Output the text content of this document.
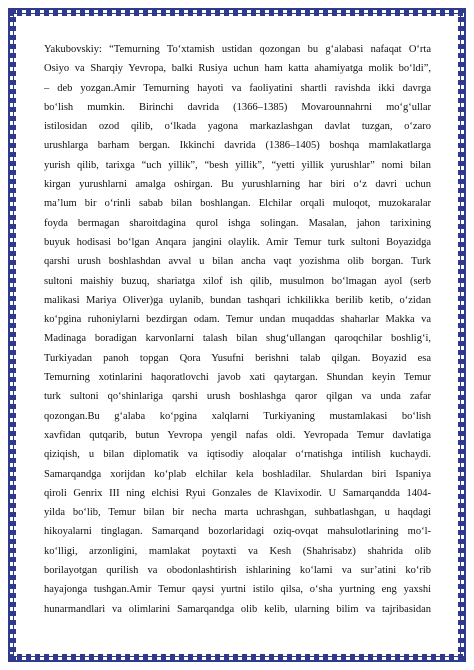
Yakubovskiy: “Temurning To‘xtamish ustidan qozongan bu g‘alabasi nafaqat O‘rta
Osiyo va Sharqiy Yevropa, balki Rusiya uchun ham katta ahamiyatga molik bo‘ldi”,
– deb yozgan.Amir Temurning hayoti va faoliyatini shartli ravishda ikki davrga
bo‘lish mumkin. Birinchi davrida (1366–1385) Movarounnahrni mo‘g‘ullar
istilosidan ozod qilib, o‘lkada yagona markazlashgan davlat tuzgan, o‘zaro
urushlarga barham bergan. Ikkinchi davrida (1386–1405) boshqa mamlakatlarga
yurish qilib, tarixga “uch yillik”, “besh yillik”, “yetti yillik yurushlar” nomi bilan
kirgan yurushlarni amalga oshirgan. Bu yurushlarning har biri o‘z davri uchun
ma’lum bir o‘rinli sabab bilan boshlangan. Elchilar orqali muloqot, muzokaralar
foyda bermagan sharoitdagina qurol ishga solingan. Masalan, jahon tarixining
buyuk hodisasi bo‘lgan Anqara jangini olaylik. Amir Temur turk sultoni Boyazidga
qarshi urush boshlashdan avval u bilan ancha vaqt yozishma olib borgan. Turk
sultoni maishiy buzuq, shariatga xilof ish qilib, musulmon bo‘lmagan ayol (serb
malikasi Mariya Oliver)ga uylanib, bundan tashqari ichkilikka berilib ketib, o‘zidan
ko‘pgina ruhoniylarni bezdirgan odam. Temur undan muqaddas shaharlar Makka va
Madinaga boradigan karvonlarni talash bilan shug‘ullangan qaroqchilar boshlig‘i,
Turkiyadan panoh topgan Qora Yusufni berishni talab qilgan. Boyazid esa
Temurning xotinlarini haqoratlovchi javob xati qaytargan. Shundan keyin Temur
turk sultoni qo‘shinlariga qarshi urush boshlashga qaror qilgan va unda zafar
qozongan.Bu g‘alaba ko‘pgina xalqlarni Turkiyaning mustamlakasi bo‘lish
xavfidan qutqarib, butun Yevropa yengil nafas oldi. Yevropada Temur davlatiga
qiziqish, u bilan diplomatik va iqtisodiy aloqalar o‘rnatishga intilish kuchaydi.
Samarqandga xorijdan ko‘plab elchilar kela boshladilar. Shulardan biri Ispaniya
qiroli Genrix III ning elchisi Ryui Gonzales de Klavixodir. U Samarqandda 1404-
yilda bo‘lib, Temur bilan bir necha marta uchrashgan, suhbatlashgan, u haqdagi
hikoyalarni tinglagan. Samarqand bozorlaridagi oziq-ovqat mahsulotlarining mo‘l-
ko‘lligi, arzonligini, mamlakat poytaxti va Kesh (Shahrisabz) shahrida olib
borilayotgan qurilish va obodonlashtirish ishlarining ko‘lami va sur’atini ko‘rib
hayajonga tushgan.Amir Temur qaysi yurtni istilo qilsa, o‘sha yurtning eng yaxshi
hunarmandlari va olimlarini Samarqandga olib kelib, ularning bilim va tajribasidan
